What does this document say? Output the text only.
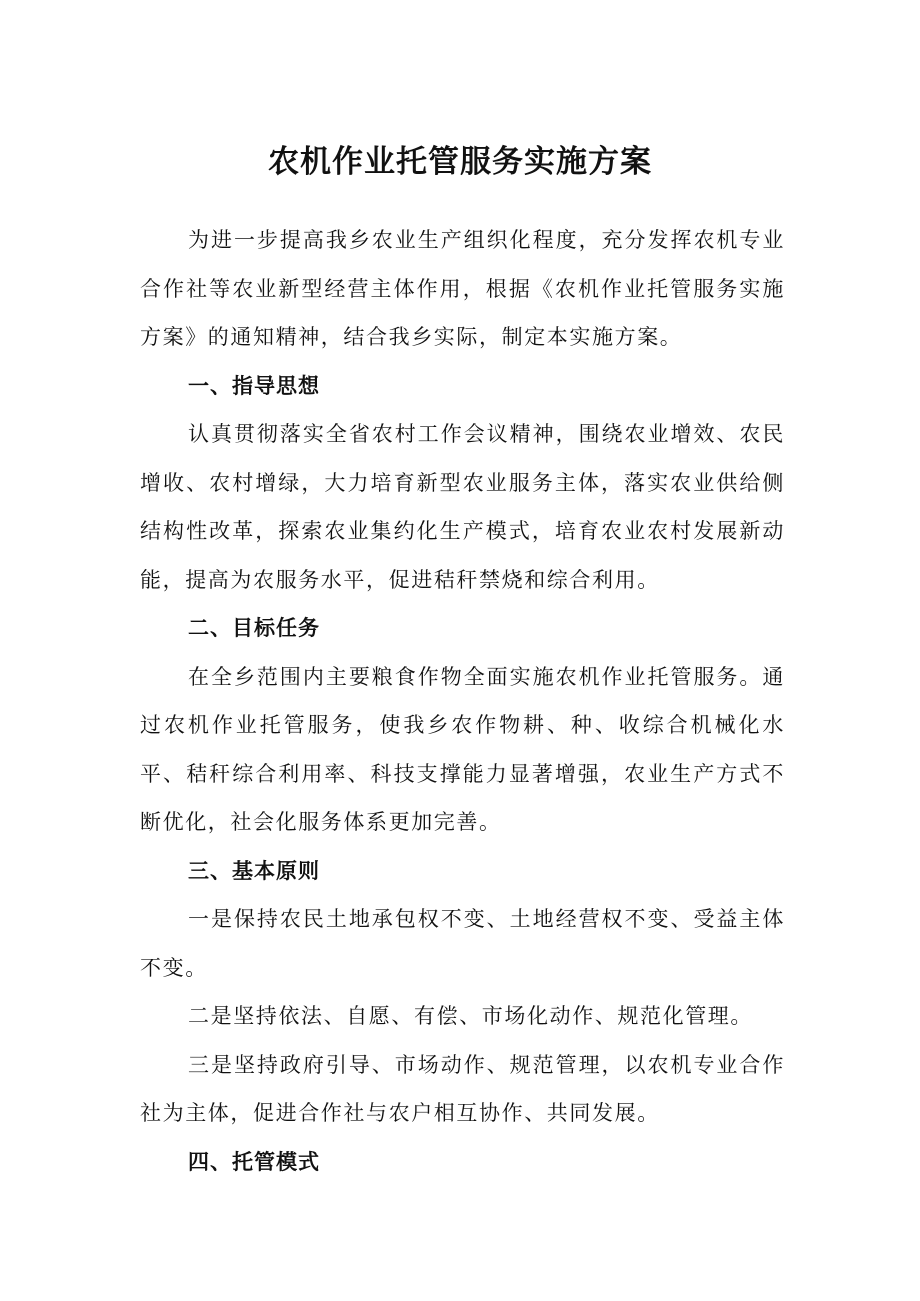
农机作业托管服务实施方案

为进一步提高我乡农业生产组织化程度，充分发挥农机专业合作社等农业新型经营主体作用，根据《农机作业托管服务实施方案》的通知精神，结合我乡实际，制定本实施方案。

一、指导思想

认真贯彻落实全省农村工作会议精神，围绕农业增效、农民增收、农村增绿，大力培育新型农业服务主体，落实农业供给侧结构性改革，探索农业集约化生产模式，培育农业农村发展新动能，提高为农服务水平，促进秸秆禁烧和综合利用。

二、目标任务

在全乡范围内主要粮食作物全面实施农机作业托管服务。通过农机作业托管服务，使我乡农作物耕、种、收综合机械化水平、秸秆综合利用率、科技支撑能力显著增强，农业生产方式不断优化，社会化服务体系更加完善。

三、基本原则

一是保持农民土地承包权不变、土地经营权不变、受益主体不变。

二是坚持依法、自愿、有偿、市场化动作、规范化管理。

三是坚持政府引导、市场动作、规范管理，以农机专业合作社为主体，促进合作社与农户相互协作、共同发展。

四、托管模式
